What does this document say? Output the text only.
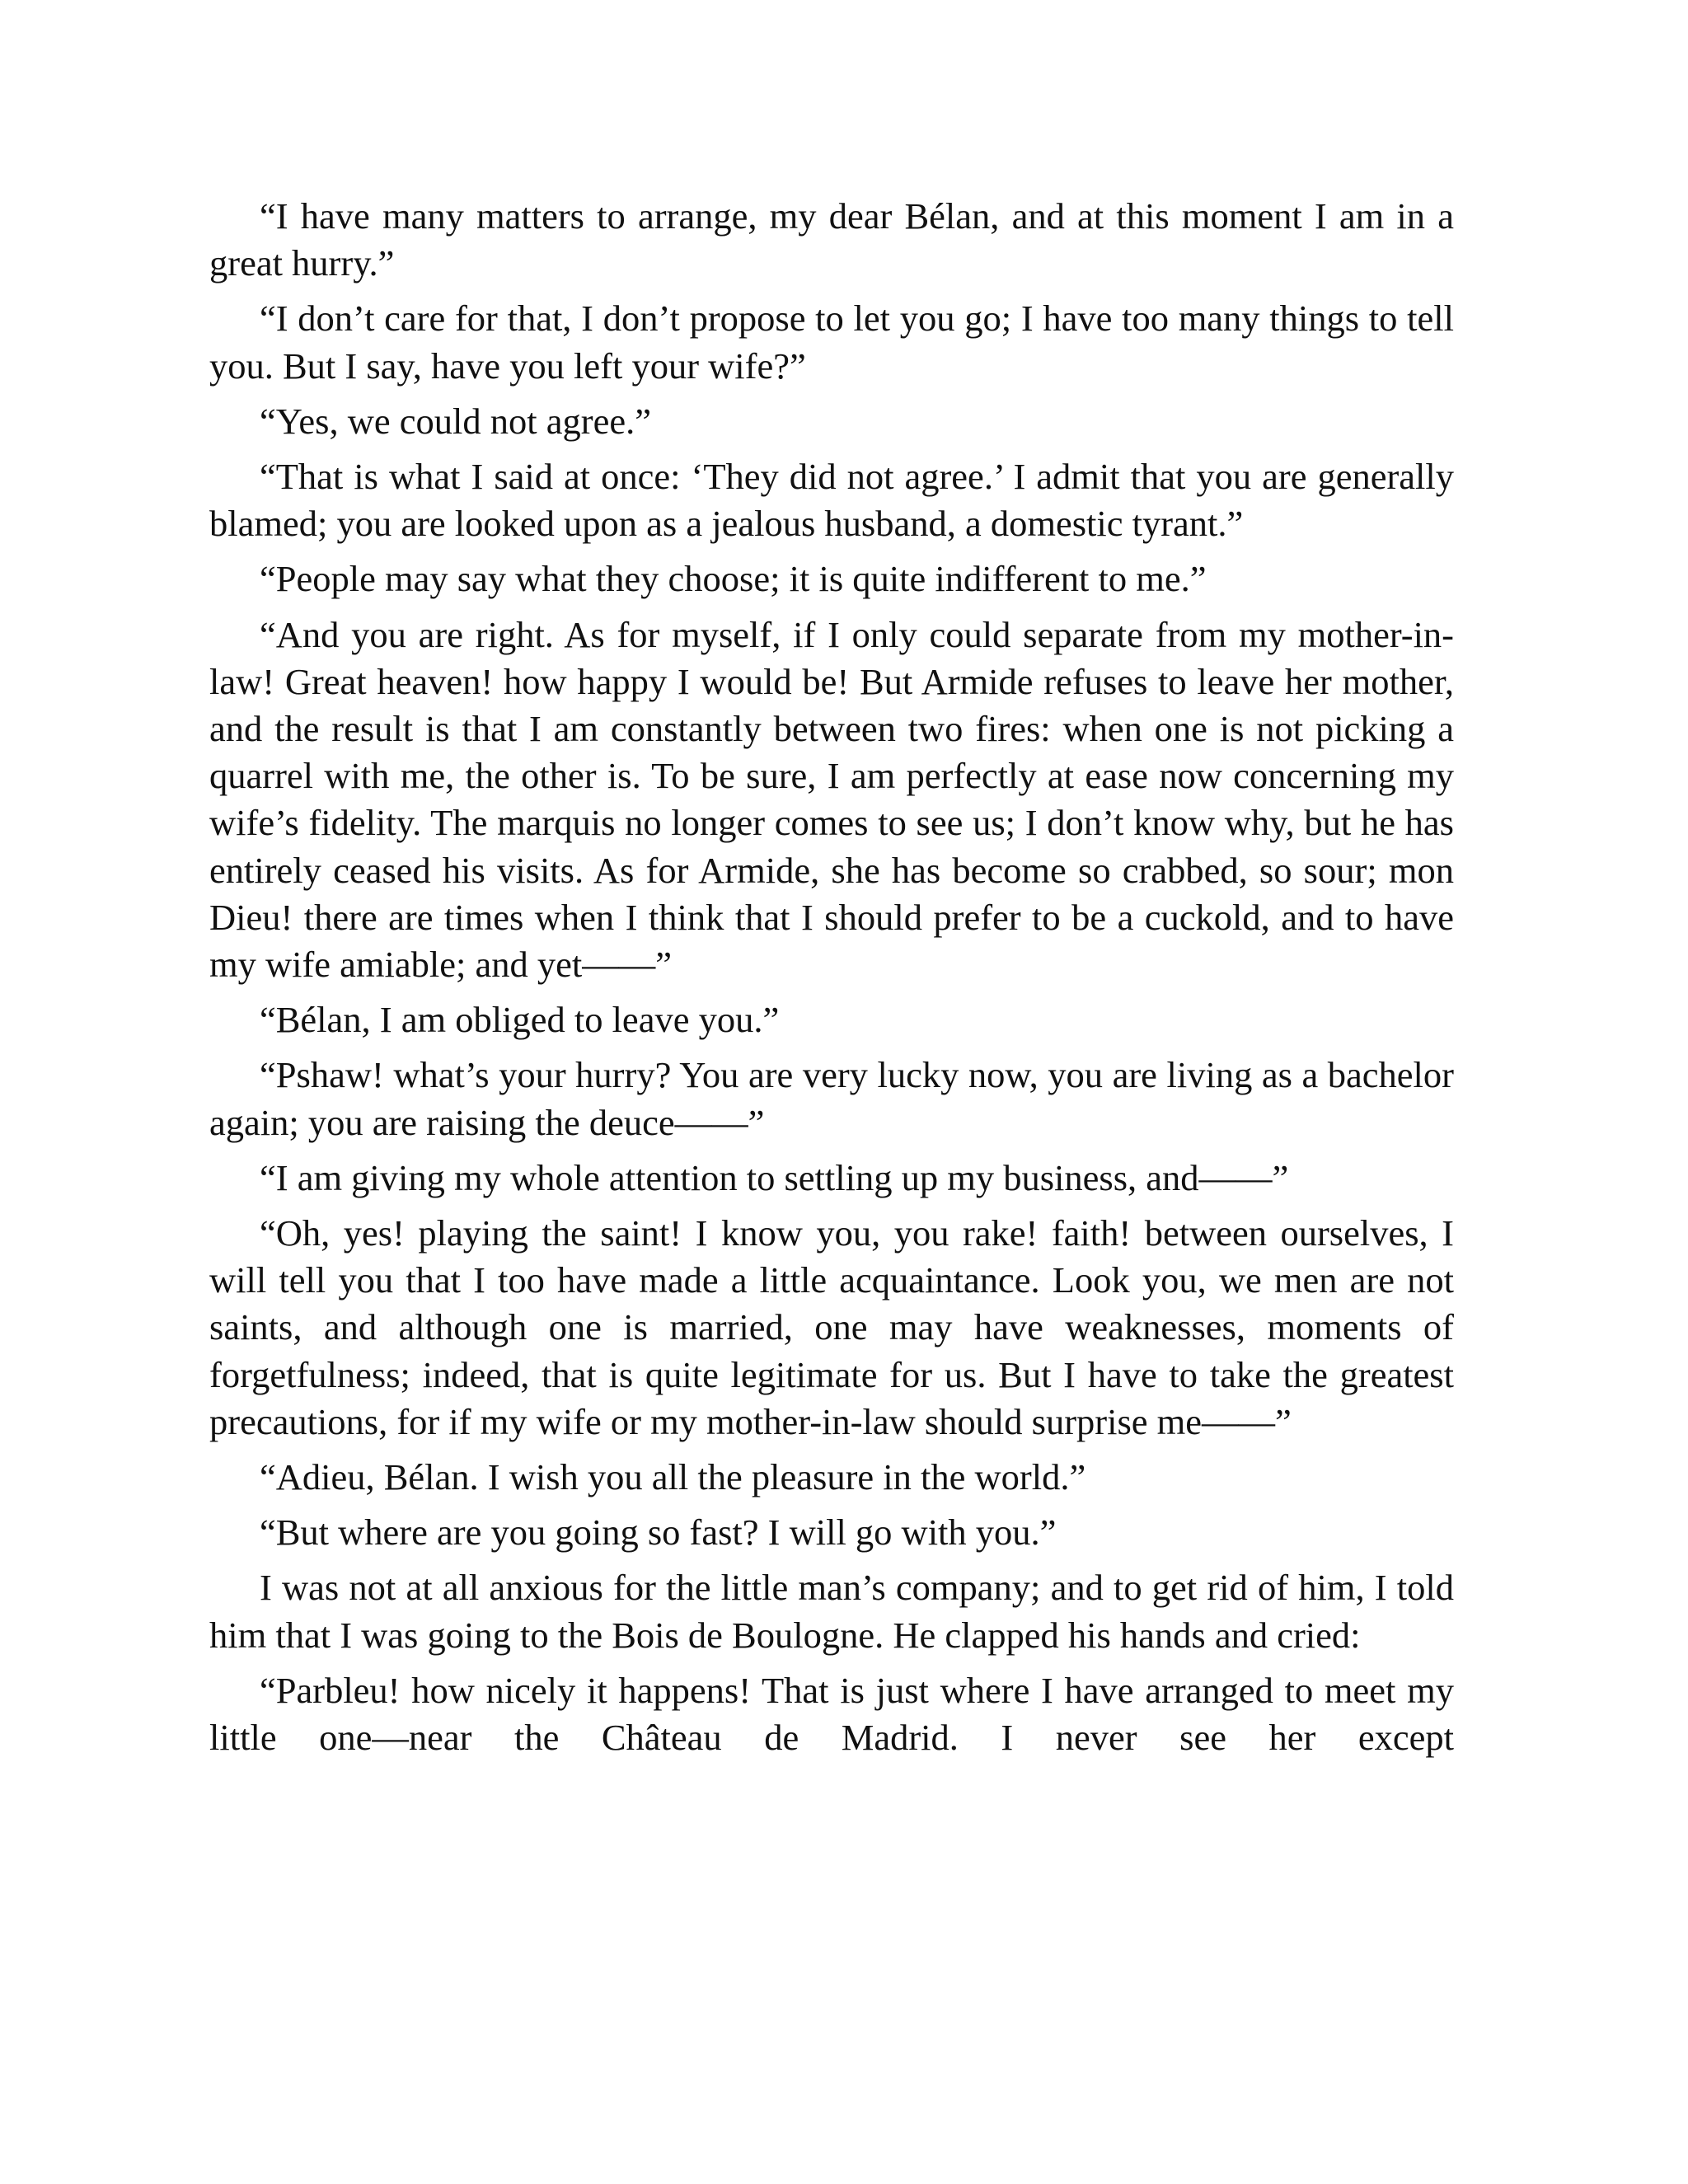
“I have many matters to arrange, my dear Bélan, and at this moment I am in a great hurry.”

“I don’t care for that, I don’t propose to let you go; I have too many things to tell you. But I say, have you left your wife?”

“Yes, we could not agree.”

“That is what I said at once: ‘They did not agree.’ I admit that you are generally blamed; you are looked upon as a jealous husband, a domestic tyrant.”

“People may say what they choose; it is quite indifferent to me.”

“And you are right. As for myself, if I only could separate from my mother-in-law! Great heaven! how happy I would be! But Armide refuses to leave her mother, and the result is that I am constantly between two fires: when one is not picking a quarrel with me, the other is. To be sure, I am perfectly at ease now concerning my wife’s fidelity. The marquis no longer comes to see us; I don’t know why, but he has entirely ceased his visits. As for Armide, she has become so crabbed, so sour; mon Dieu! there are times when I think that I should prefer to be a cuckold, and to have my wife amiable; and yet——”

“Bélan, I am obliged to leave you.”

“Pshaw! what’s your hurry? You are very lucky now, you are living as a bachelor again; you are raising the deuce——”

“I am giving my whole attention to settling up my business, and——”

“Oh, yes! playing the saint! I know you, you rake! faith! between ourselves, I will tell you that I too have made a little acquaintance. Look you, we men are not saints, and although one is married, one may have weaknesses, moments of forgetfulness; indeed, that is quite legitimate for us. But I have to take the greatest precautions, for if my wife or my mother-in-law should surprise me——”

“Adieu, Bélan. I wish you all the pleasure in the world.”

“But where are you going so fast? I will go with you.”

I was not at all anxious for the little man’s company; and to get rid of him, I told him that I was going to the Bois de Boulogne. He clapped his hands and cried:

“Parbleu! how nicely it happens! That is just where I have arranged to meet my little one—near the Château de Madrid. I never see her except
